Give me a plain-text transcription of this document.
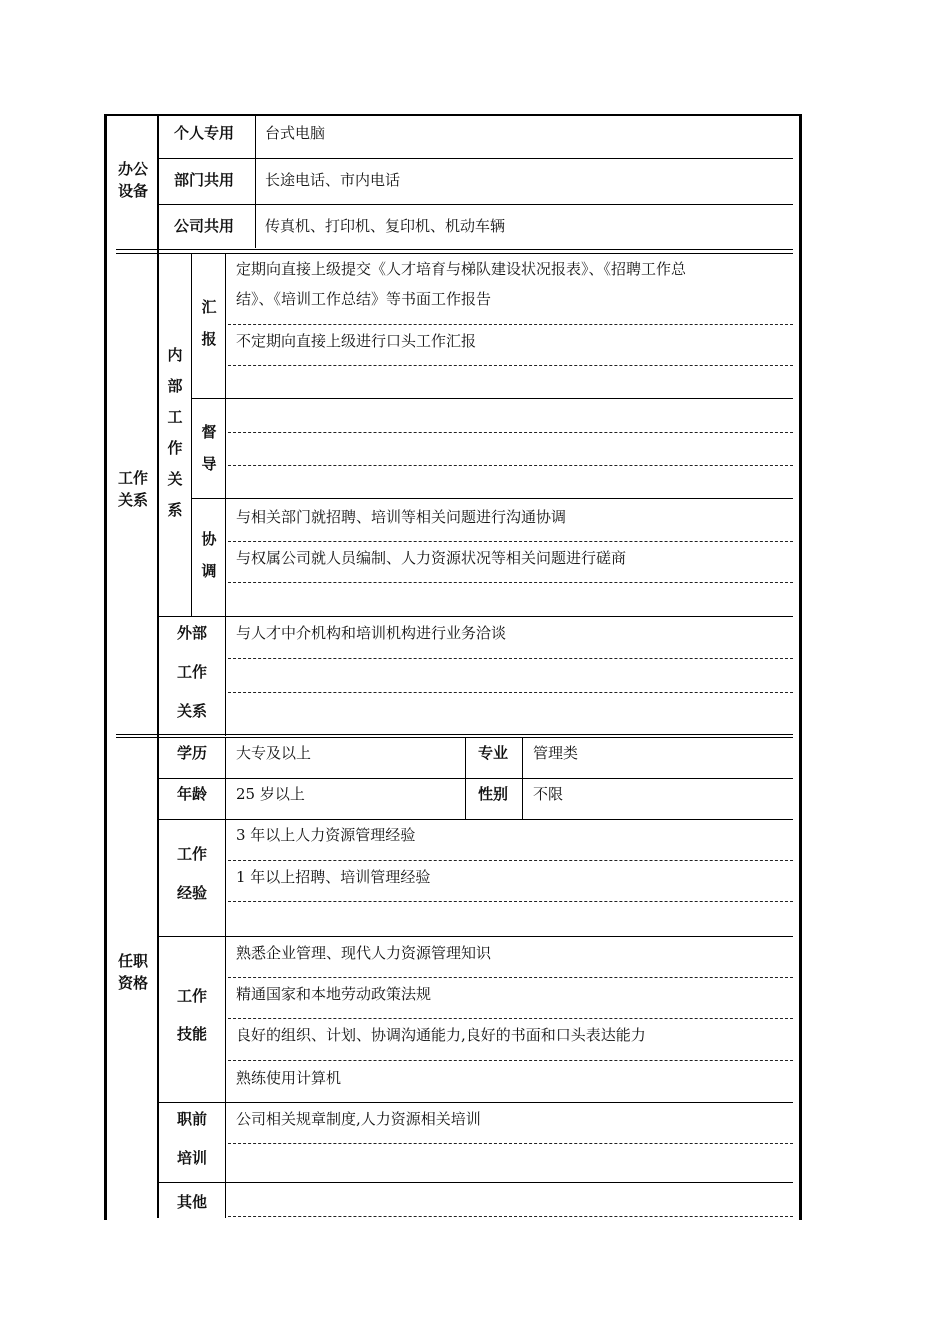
办公设备
个人专用 台式电脑
部门共用 长途电话、市内电话
公司共用 传真机、打印机、复印机、机动车辆
工作关系
内部工作关系
汇报
定期向直接上级提交《人才培育与梯队建设状况报表》、《招聘工作总
结》、《培训工作总结》等书面工作报告
不定期向直接上级进行口头工作汇报
督导
协调
与相关部门就招聘、培训等相关问题进行沟通协调
与权属公司就人员编制、人力资源状况等相关问题进行磋商
外部
工作
关系
与人才中介机构和培训机构进行业务洽谈
任职资格
学历 大专及以上	专业 管理类
年龄 25 岁以上	性别 不限
工作
经验
3 年以上人力资源管理经验
1 年以上招聘、培训管理经验
工作
技能
熟悉企业管理、现代人力资源管理知识
精通国家和本地劳动政策法规
良好的组织、计划、协调沟通能力,良好的书面和口头表达能力
熟练使用计算机
职前
培训
公司相关规章制度,人力资源相关培训
其他
